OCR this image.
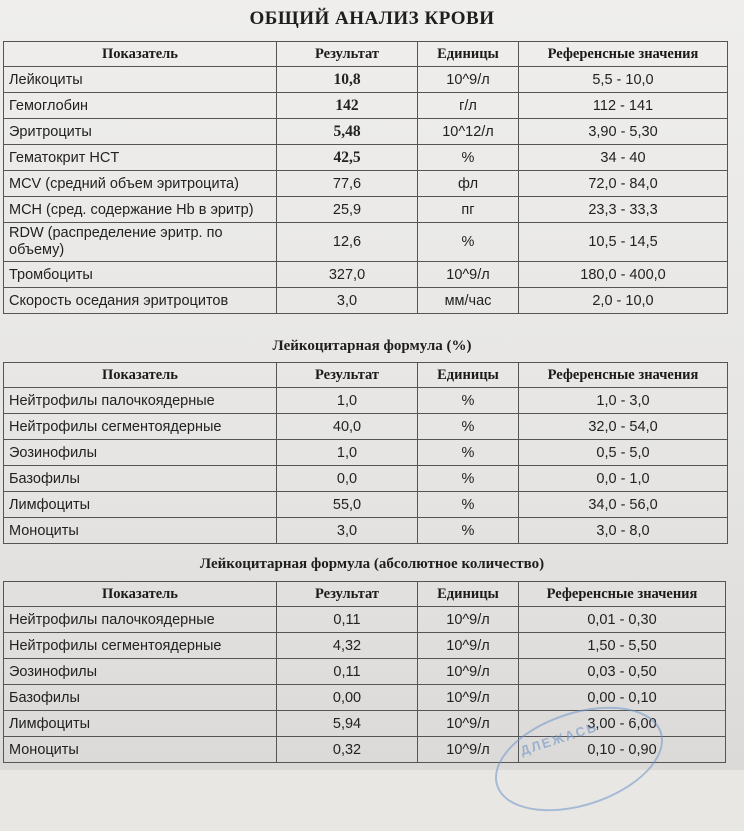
ОБЩИЙ АНАЛИЗ КРОВИ
Показатель	Результат	Единицы	Референсные значения
Лейкоциты	10,8	10^9/л	5,5 - 10,0
Гемоглобин	142	г/л	112 - 141
Эритроциты	5,48	10^12/л	3,90 - 5,30
Гематокрит HCT	42,5	%	34 - 40
MCV (средний объем эритроцита)	77,6	фл	72,0 - 84,0
MCH (сред. содержание Hb в эритр)	25,9	пг	23,3 - 33,3
RDW (распределение эритр. по объему)	12,6	%	10,5 - 14,5
Тромбоциты	327,0	10^9/л	180,0 - 400,0
Скорость оседания эритроцитов	3,0	мм/час	2,0 - 10,0
Лейкоцитарная формула (%)
Показатель	Результат	Единицы	Референсные значения
Нейтрофилы палочкоядерные	1,0	%	1,0 - 3,0
Нейтрофилы сегментоядерные	40,0	%	32,0 - 54,0
Эозинофилы	1,0	%	0,5 - 5,0
Базофилы	0,0	%	0,0 - 1,0
Лимфоциты	55,0	%	34,0 - 56,0
Моноциты	3,0	%	3,0 - 8,0
Лейкоцитарная формула (абсолютное количество)
Показатель	Результат	Единицы	Референсные значения
Нейтрофилы палочкоядерные	0,11	10^9/л	0,01 - 0,30
Нейтрофилы сегментоядерные	4,32	10^9/л	1,50 - 5,50
Эозинофилы	0,11	10^9/л	0,03 - 0,50
Базофилы	0,00	10^9/л	0,00 - 0,10
Лимфоциты	5,94	10^9/л	3,00 - 6,00
Моноциты	0,32	10^9/л	0,10 - 0,90
ДЛЕЖАСЬ
